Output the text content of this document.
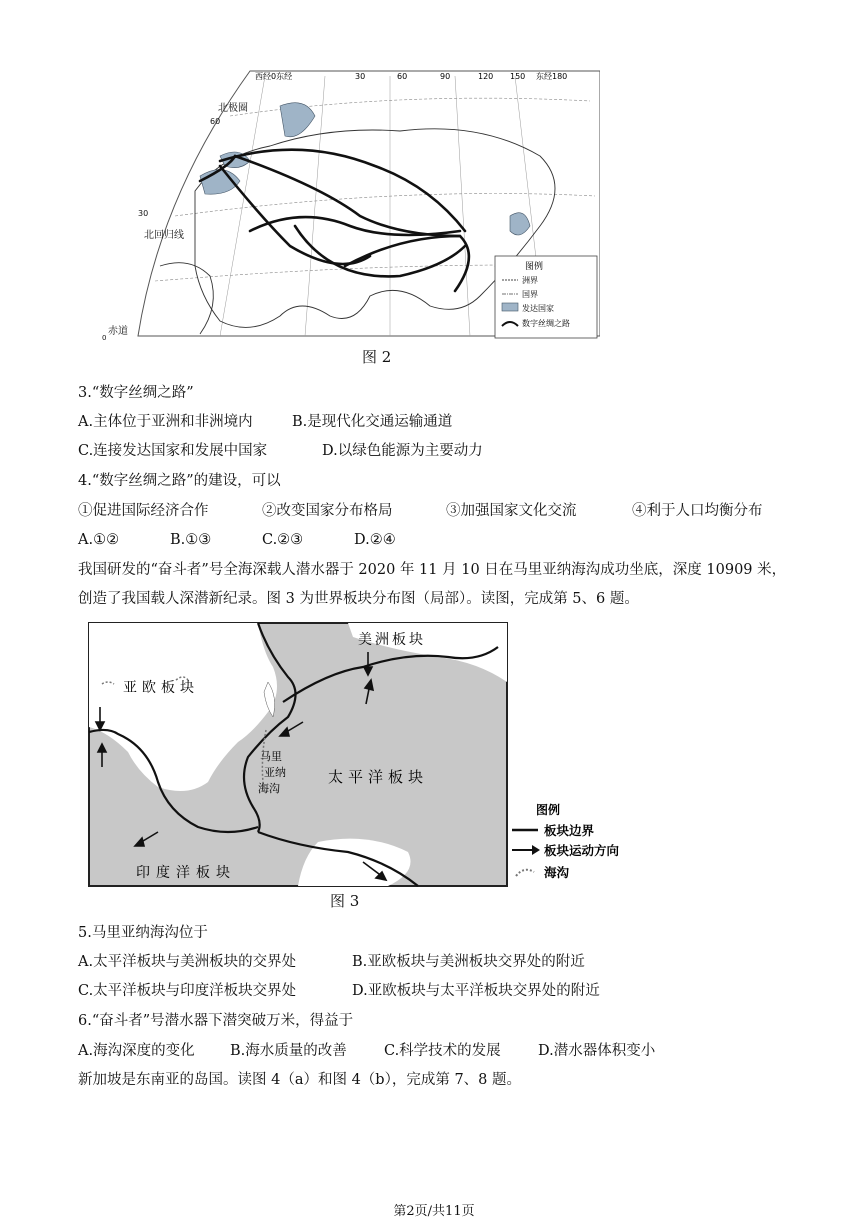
北极圈
60
30
北回归线
赤道
0
西经0东经	30	60	90	120 150 东经180
图例
洲界
国界
发达国家
数字丝绸之路
图 2
3.“数字丝绸之路”
A.主体位于亚洲和非洲境内	B.是现代化交通运输通道
C.连接发达国家和发展中国家	D.以绿色能源为主要动力
4.“数字丝绸之路”的建设，可以
①促进国际经济合作	②改变国家分布格局	③加强国家文化交流	④利于人口均衡分布
A.①②	B.①③	C.②③	D.②④
我国研发的“奋斗者”号全海深载人潜水器于 2020 年 11 月 10 日在马里亚纳海沟成功坐底，深度 10909 米，
创造了我国载人深潜新纪录。图 3 为世界板块分布图（局部）。读图，完成第 5、6 题。
美洲板块
亚欧板块
太平洋板块
印度洋板块
马里
亚纳
海沟
图例
板块边界
板块运动方向
海沟
图 3
5.马里亚纳海沟位于
A.太平洋板块与美洲板块的交界处	B.亚欧板块与美洲板块交界处的附近
C.太平洋板块与印度洋板块交界处	D.亚欧板块与太平洋板块交界处的附近
6.“奋斗者”号潜水器下潜突破万米，得益于
A.海沟深度的变化 B.海水质量的改善	C.科学技术的发展	D.潜水器体积变小
新加坡是东南亚的岛国。读图 4（a）和图 4（b），完成第 7、8 题。
第2页/共11页
